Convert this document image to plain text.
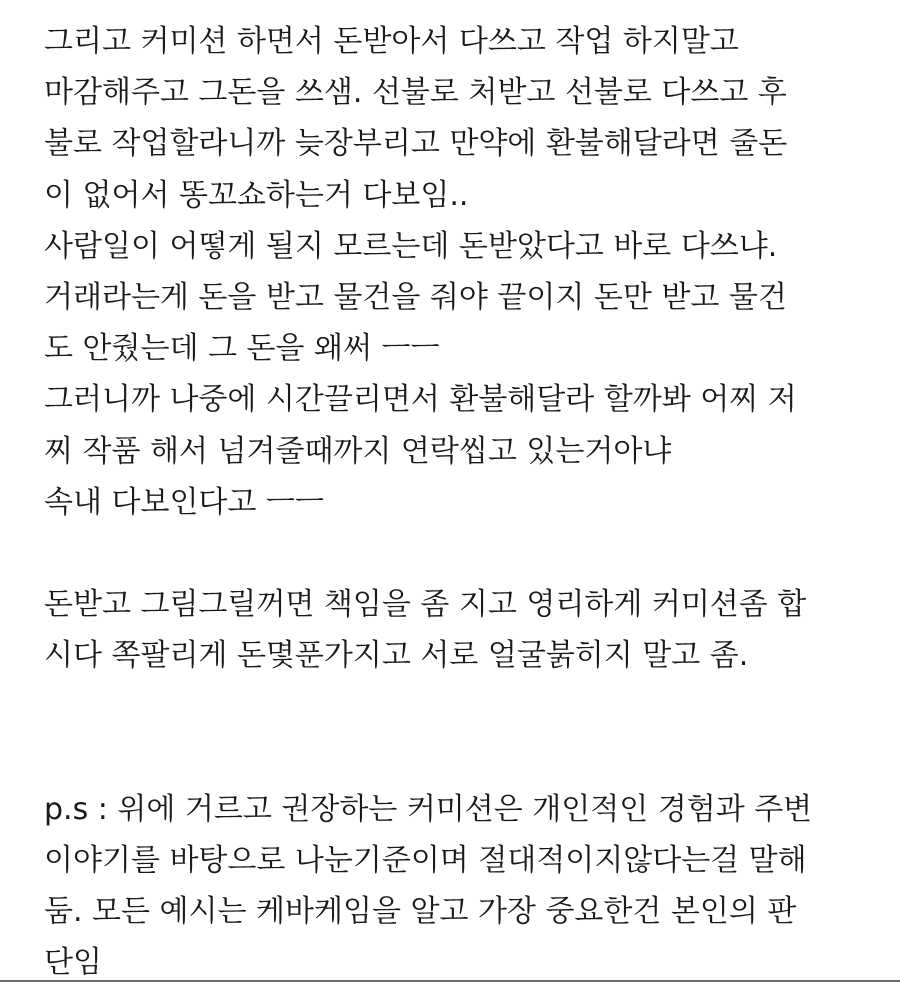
그리고 커미션 하면서 돈받아서 다쓰고 작업 하지말고
마감해주고 그돈을 쓰샘. 선불로 처받고 선불로 다쓰고 후
불로 작업할라니까 늦장부리고 만약에 환불해달라면 줄돈
이 없어서 똥꼬쇼하는거 다보임..
사람일이 어떻게 될지 모르는데 돈받았다고 바로 다쓰냐.
거래라는게 돈을 받고 물건을 줘야 끝이지 돈만 받고 물건
도 안줬는데 그 돈을 왜써 ㅡㅡ
그러니까 나중에 시간끌리면서 환불해달라 할까봐 어찌 저
찌 작품 해서 넘겨줄때까지 연락씹고 있는거아냐
속내 다보인다고 ㅡㅡ
돈받고 그림그릴꺼면 책임을 좀 지고 영리하게 커미션좀 합
시다 쪽팔리게 돈몇푼가지고 서로 얼굴붉히지 말고 좀.
p.s : 위에 거르고 권장하는 커미션은 개인적인 경험과 주변
이야기를 바탕으로 나눈기준이며 절대적이지않다는걸 말해
둠. 모든 예시는 케바케임을 알고 가장 중요한건 본인의 판
단임
